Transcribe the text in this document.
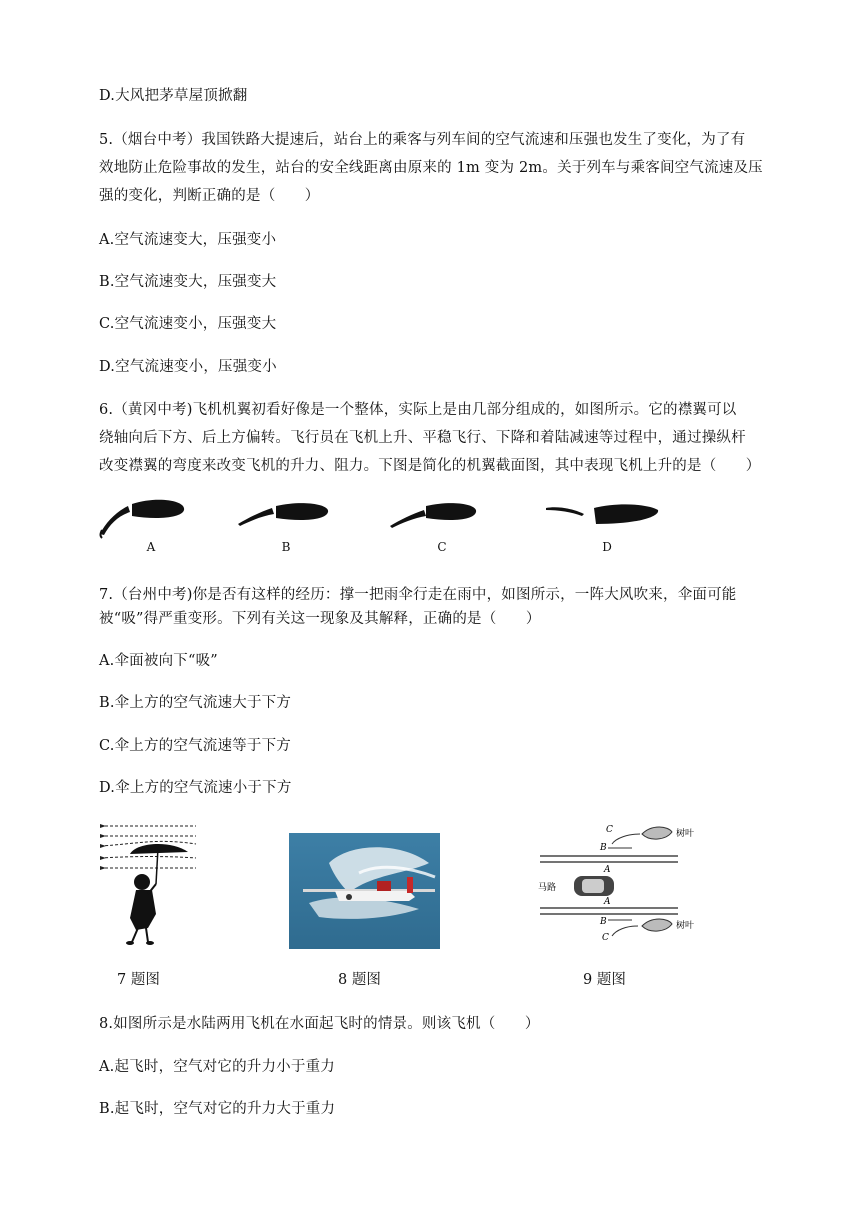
D.大风把茅草屋顶掀翻
5.（烟台中考）我国铁路大提速后，站台上的乘客与列车间的空气流速和压强也发生了变化，为了有
效地防止危险事故的发生，站台的安全线距离由原来的 1m 变为 2m。关于列车与乘客间空气流速及压
强的变化，判断正确的是（　　）
A.空气流速变大，压强变小
B.空气流速变大，压强变大
C.空气流速变小，压强变大
D.空气流速变小，压强变小
6.（黄冈中考)飞机机翼初看好像是一个整体，实际上是由几部分组成的，如图所示。它的襟翼可以
绕轴向后下方、后上方偏转。飞行员在飞机上升、平稳飞行、下降和着陆减速等过程中，通过操纵杆
改变襟翼的弯度来改变飞机的升力、阻力。下图是简化的机翼截面图，其中表现飞机上升的是（　　）
A	B	C	D
7.（台州中考)你是否有这样的经历：撑一把雨伞行走在雨中，如图所示，一阵大风吹来，伞面可能
被“吸”得严重变形。下列有关这一现象及其解释，正确的是（　　）
A.伞面被向下“吸”
B.伞上方的空气流速大于下方
C.伞上方的空气流速等于下方
D.伞上方的空气流速小于下方
C
B
A
A
B
C
马路
树叶
树叶
7 题图	8 题图	9 题图
8.如图所示是水陆两用飞机在水面起飞时的情景。则该飞机（　　）
A.起飞时，空气对它的升力小于重力
B.起飞时，空气对它的升力大于重力
